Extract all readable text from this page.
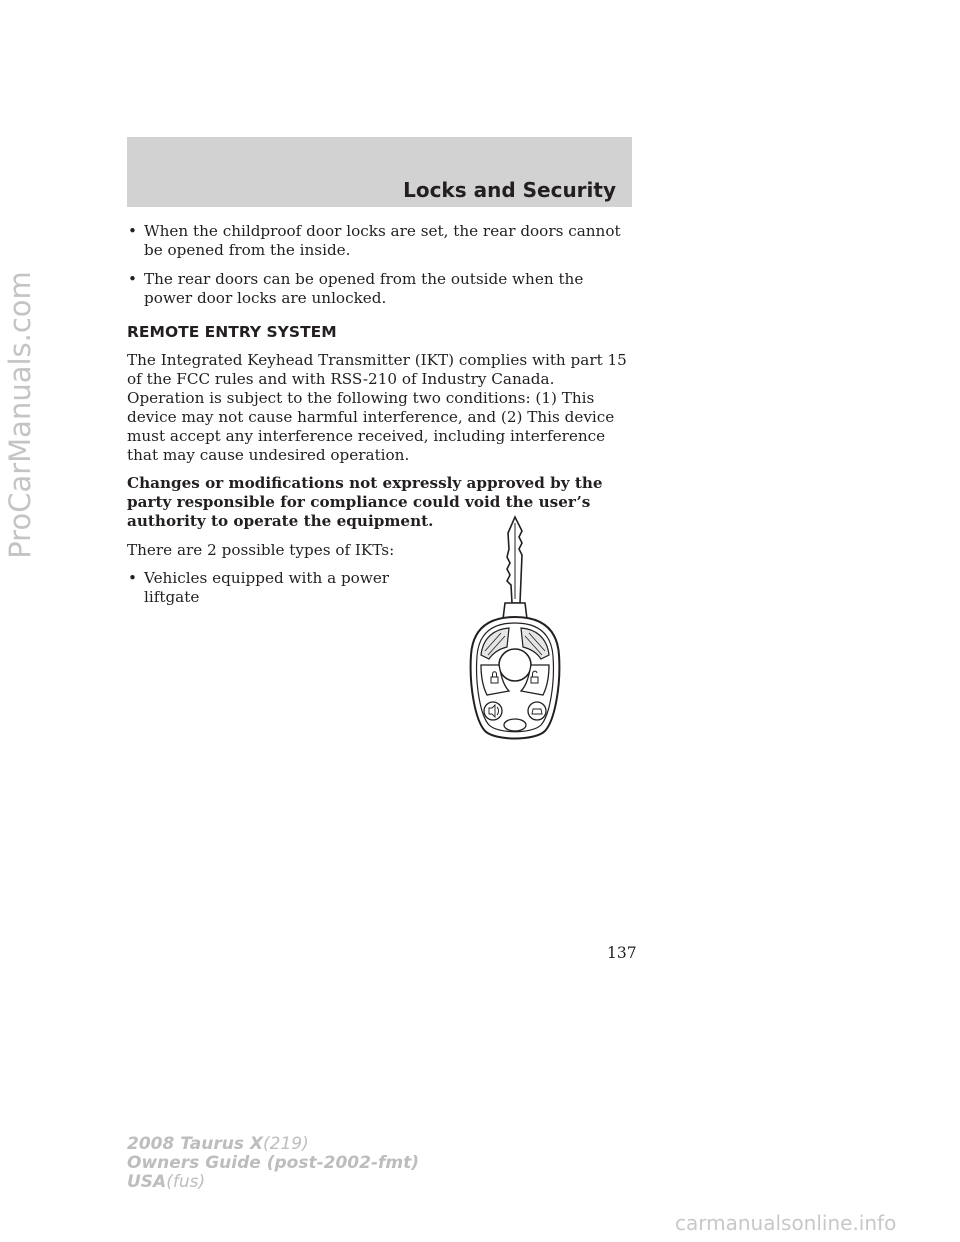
Locks and Security
• When the childproof door locks are set, the rear doors cannot be opened from the inside.
• The rear doors can be opened from the outside when the power door locks are unlocked.
REMOTE ENTRY SYSTEM

The Integrated Keyhead Transmitter (IKT) complies with part 15 of the FCC rules and with RSS-210 of Industry Canada. Operation is subject to the following two conditions: (1) This device may not cause harmful interference, and (2) This device must accept any interference received, including interference that may cause undesired operation.

Changes or modifications not expressly approved by the party responsible for compliance could void the user’s authority to operate the equipment.

There are 2 possible types of IKTs:

• Vehicles equipped with a power liftgate
137
2008 Taurus X(219)
Owners Guide (post-2002-fmt)
USA(fus)
ProCarManuals.com
carmanualsonline.info
